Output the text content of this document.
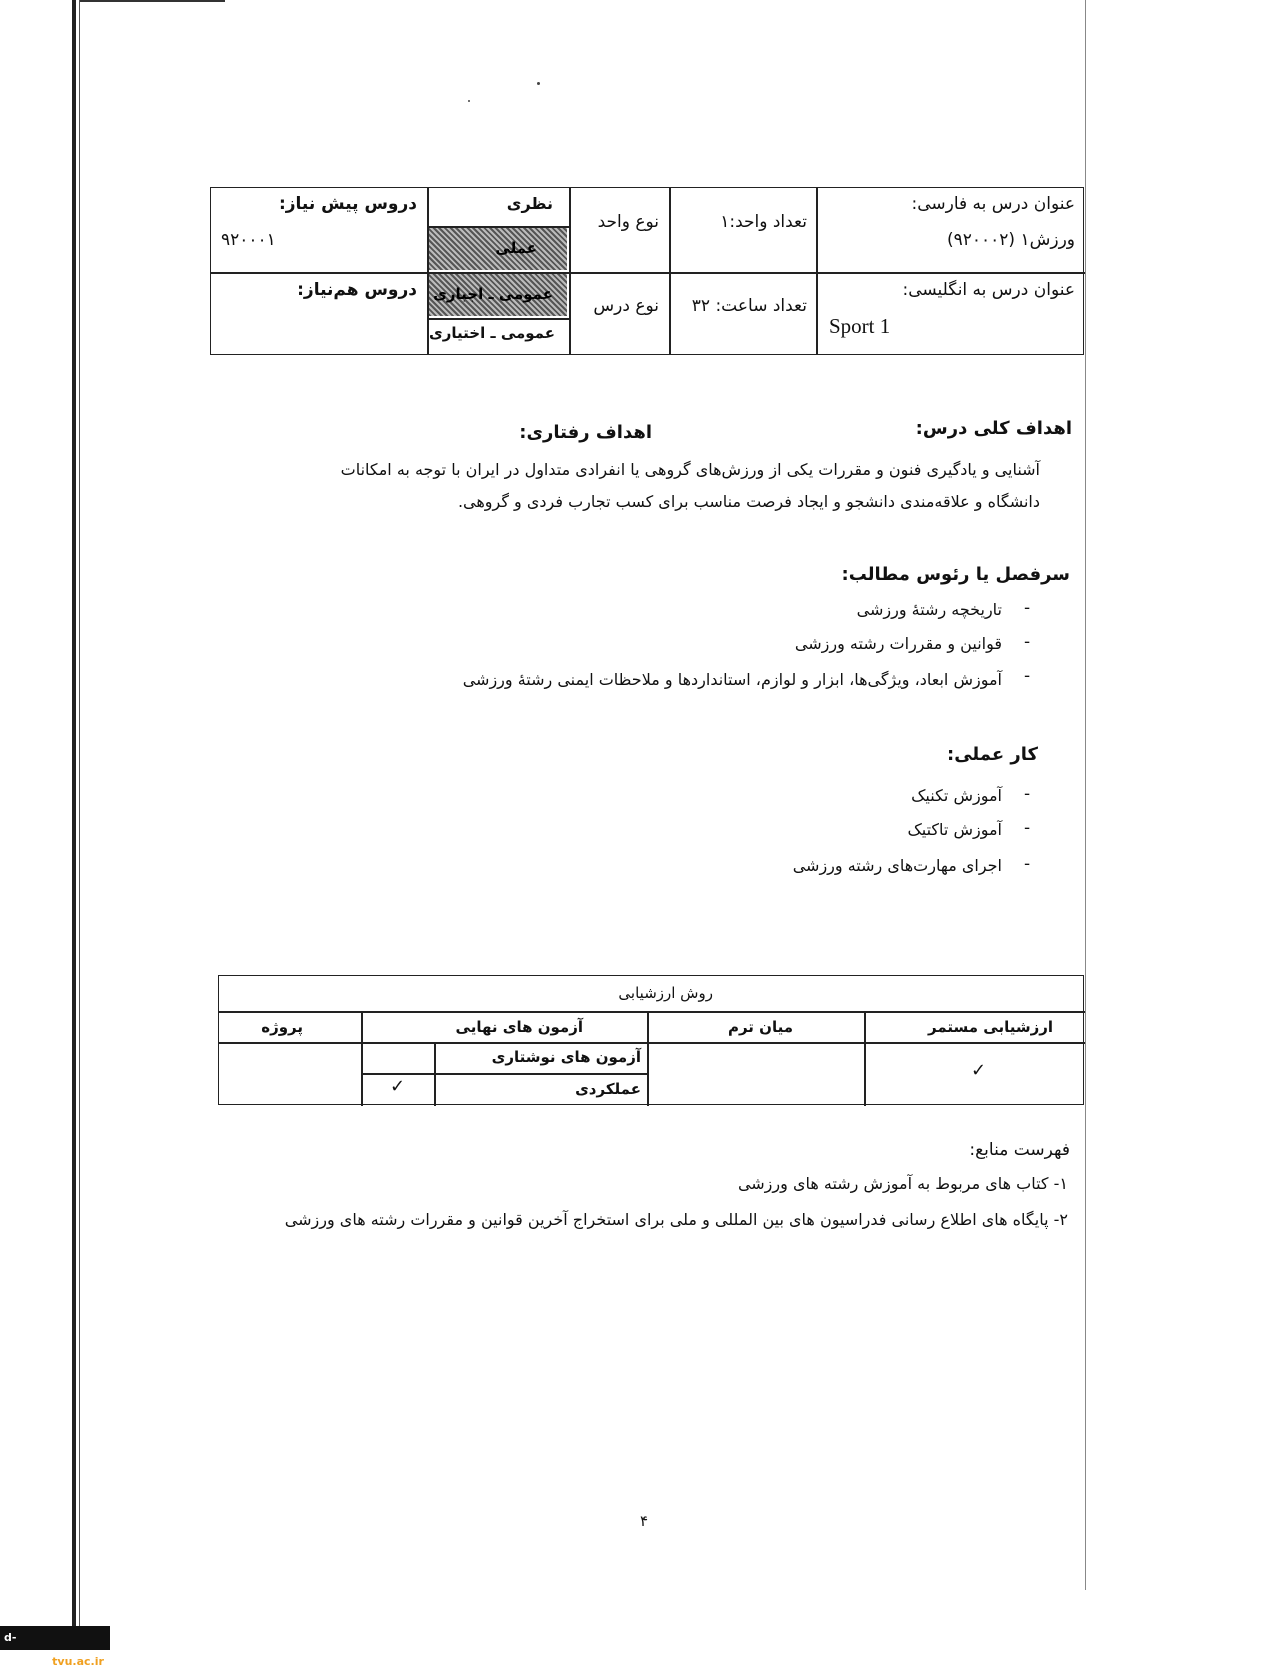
عنوان درس به فارسی:
ورزش۱ (۹۲۰۰۰۲)
عنوان درس به انگلیسی:
Sport 1
تعداد واحد:۱
تعداد ساعت: ۳۲
نوع واحد
نوع درس
نظری
عملی
عمومی ـ اجباری
عمومی ـ اختیاری
دروس پیش نیاز:
۹۲۰۰۰۱
دروس هم‌نیاز:
اهداف کلی درس:
اهداف رفتاری:
آشنایی و یادگیری فنون و مقررات یکی از ورزش‌های گروهی یا انفرادی متداول در ایران با توجه به امکانات
دانشگاه و علاقه‌مندی دانشجو و ایجاد فرصت مناسب برای کسب تجارب فردی و گروهی.
سرفصل یا رئوس مطالب:
-
تاریخچه رشتهٔ ورزشی
-
قوانین و مقررات رشته ورزشی
-
آموزش ابعاد، ویژگی‌ها، ابزار و لوازم، استانداردها و ملاحظات ایمنی رشتهٔ ورزشی
کار عملی:
-
آموزش تکنیک
-
آموزش تاکتیک
-
اجرای مهارت‌های رشته ورزشی
روش ارزشیابی
ارزشیابی مستمر
میان ترم
آزمون های نهایی
پروژه
آزمون های نوشتاری
عملکردی
✓
✓
فهرست منابع:
۱- کتاب های مربوط به آموزش رشته های ورزشی
۲- پایگاه های اطلاع رسانی فدراسیون های بین المللی و ملی برای استخراج آخرین قوانین و مقررات رشته های ورزشی
۴
d-birjand.tvu.ac.ir
